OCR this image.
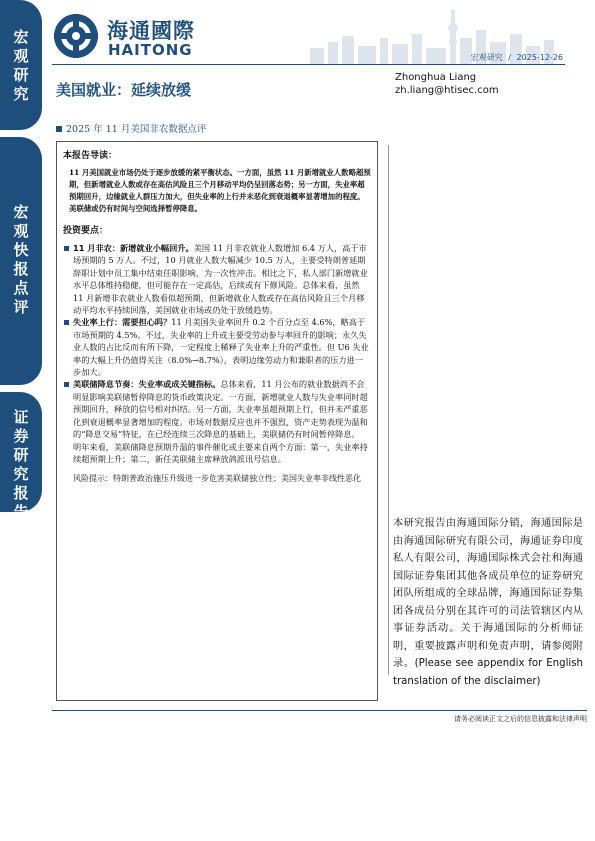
宏观研究
宏观快报点评
证券研究报告
海通國際
HAITONG	宏观研究 / 2025-12-26
美国就业：延续放缓
2025 年 11 月美国非农数据点评
Zhonghua Liang
zh.liang@htisec.com
本报告导读：
11 月美国就业市场仍处于逐步放缓的紧平衡状态。一方面，虽然 11 月新增就业人数略超预期，但新增就业人数或存在高估风险且三个月移动平均仍呈回落态势；另一方面，失业率超预期回升，边缘就业人群压力加大，但失业率的上行并未恶化到衰退概率显著增加的程度。美联储或仍有时间与空间选择暂停降息。
投资要点：
11 月非农：新增就业小幅回升。美国 11 月非农就业人数增加 6.4 万人，高于市场预期的 5 万人。不过，10 月就业人数大幅减少 10.5 万人，主要受特朗普延期辞职计划中员工集中结束任职影响，为一次性冲击。相比之下，私人部门新增就业水平总体维持稳健，但可能存在一定高估，后续或有下修风险。总体来看，虽然 11 月新增非农就业人数看似超预期，但新增就业人数或存在高估风险且三个月移动平均水平持续回落，美国就业市场或仍处于放缓趋势。
失业率上行：需要担心吗？11 月美国失业率回升 0.2 个百分点至 4.6%，略高于市场预期的 4.5%。不过，失业率的上升或主要受劳动参与率回升的影响；永久失业人数的占比反而有所下降，一定程度上稀释了失业率上升的严重性。但 U6 失业率的大幅上升仍值得关注（8.0%→8.7%），表明边缘劳动力和兼职者的压力进一步加大。
美联储降息节奏：失业率或成关键指标。总体来看，11 月公布的就业数据尚不会明显影响美联储暂停降息的货币政策决定。一方面，新增就业人数与失业率同时超预期回升，释放的信号相对纠结。另一方面，失业率虽超预期上行，但并未严重恶化到衰退概率显著增加的程度。市场对数据反应也并不强烈，资产走势表现为温和的“降息交易”特征，在已经连续三次降息的基础上，美联储仍有时间暂停降息。
明年来看，美联储降息预期升温的事件催化或主要来自两个方面：第一，失业率持续超预期上升；第二，新任美联储主席释放鸽派讯号信息。
风险提示：特朗普政治施压升级进一步危害美联储独立性；美国失业率非线性恶化
本研究报告由海通国际分销，海通国际是由海通国际研究有限公司，海通证券印度私人有限公司，海通国际株式会社和海通国际证券集团其他各成员单位的证券研究团队所组成的全球品牌，海通国际证券集团各成员分别在其许可的司法管辖区内从事证券活动。关于海通国际的分析师证明，重要披露声明和免责声明，请参阅附录。(Please see appendix for English translation of the disclaimer)
请务必阅读正文之后的信息披露和法律声明
